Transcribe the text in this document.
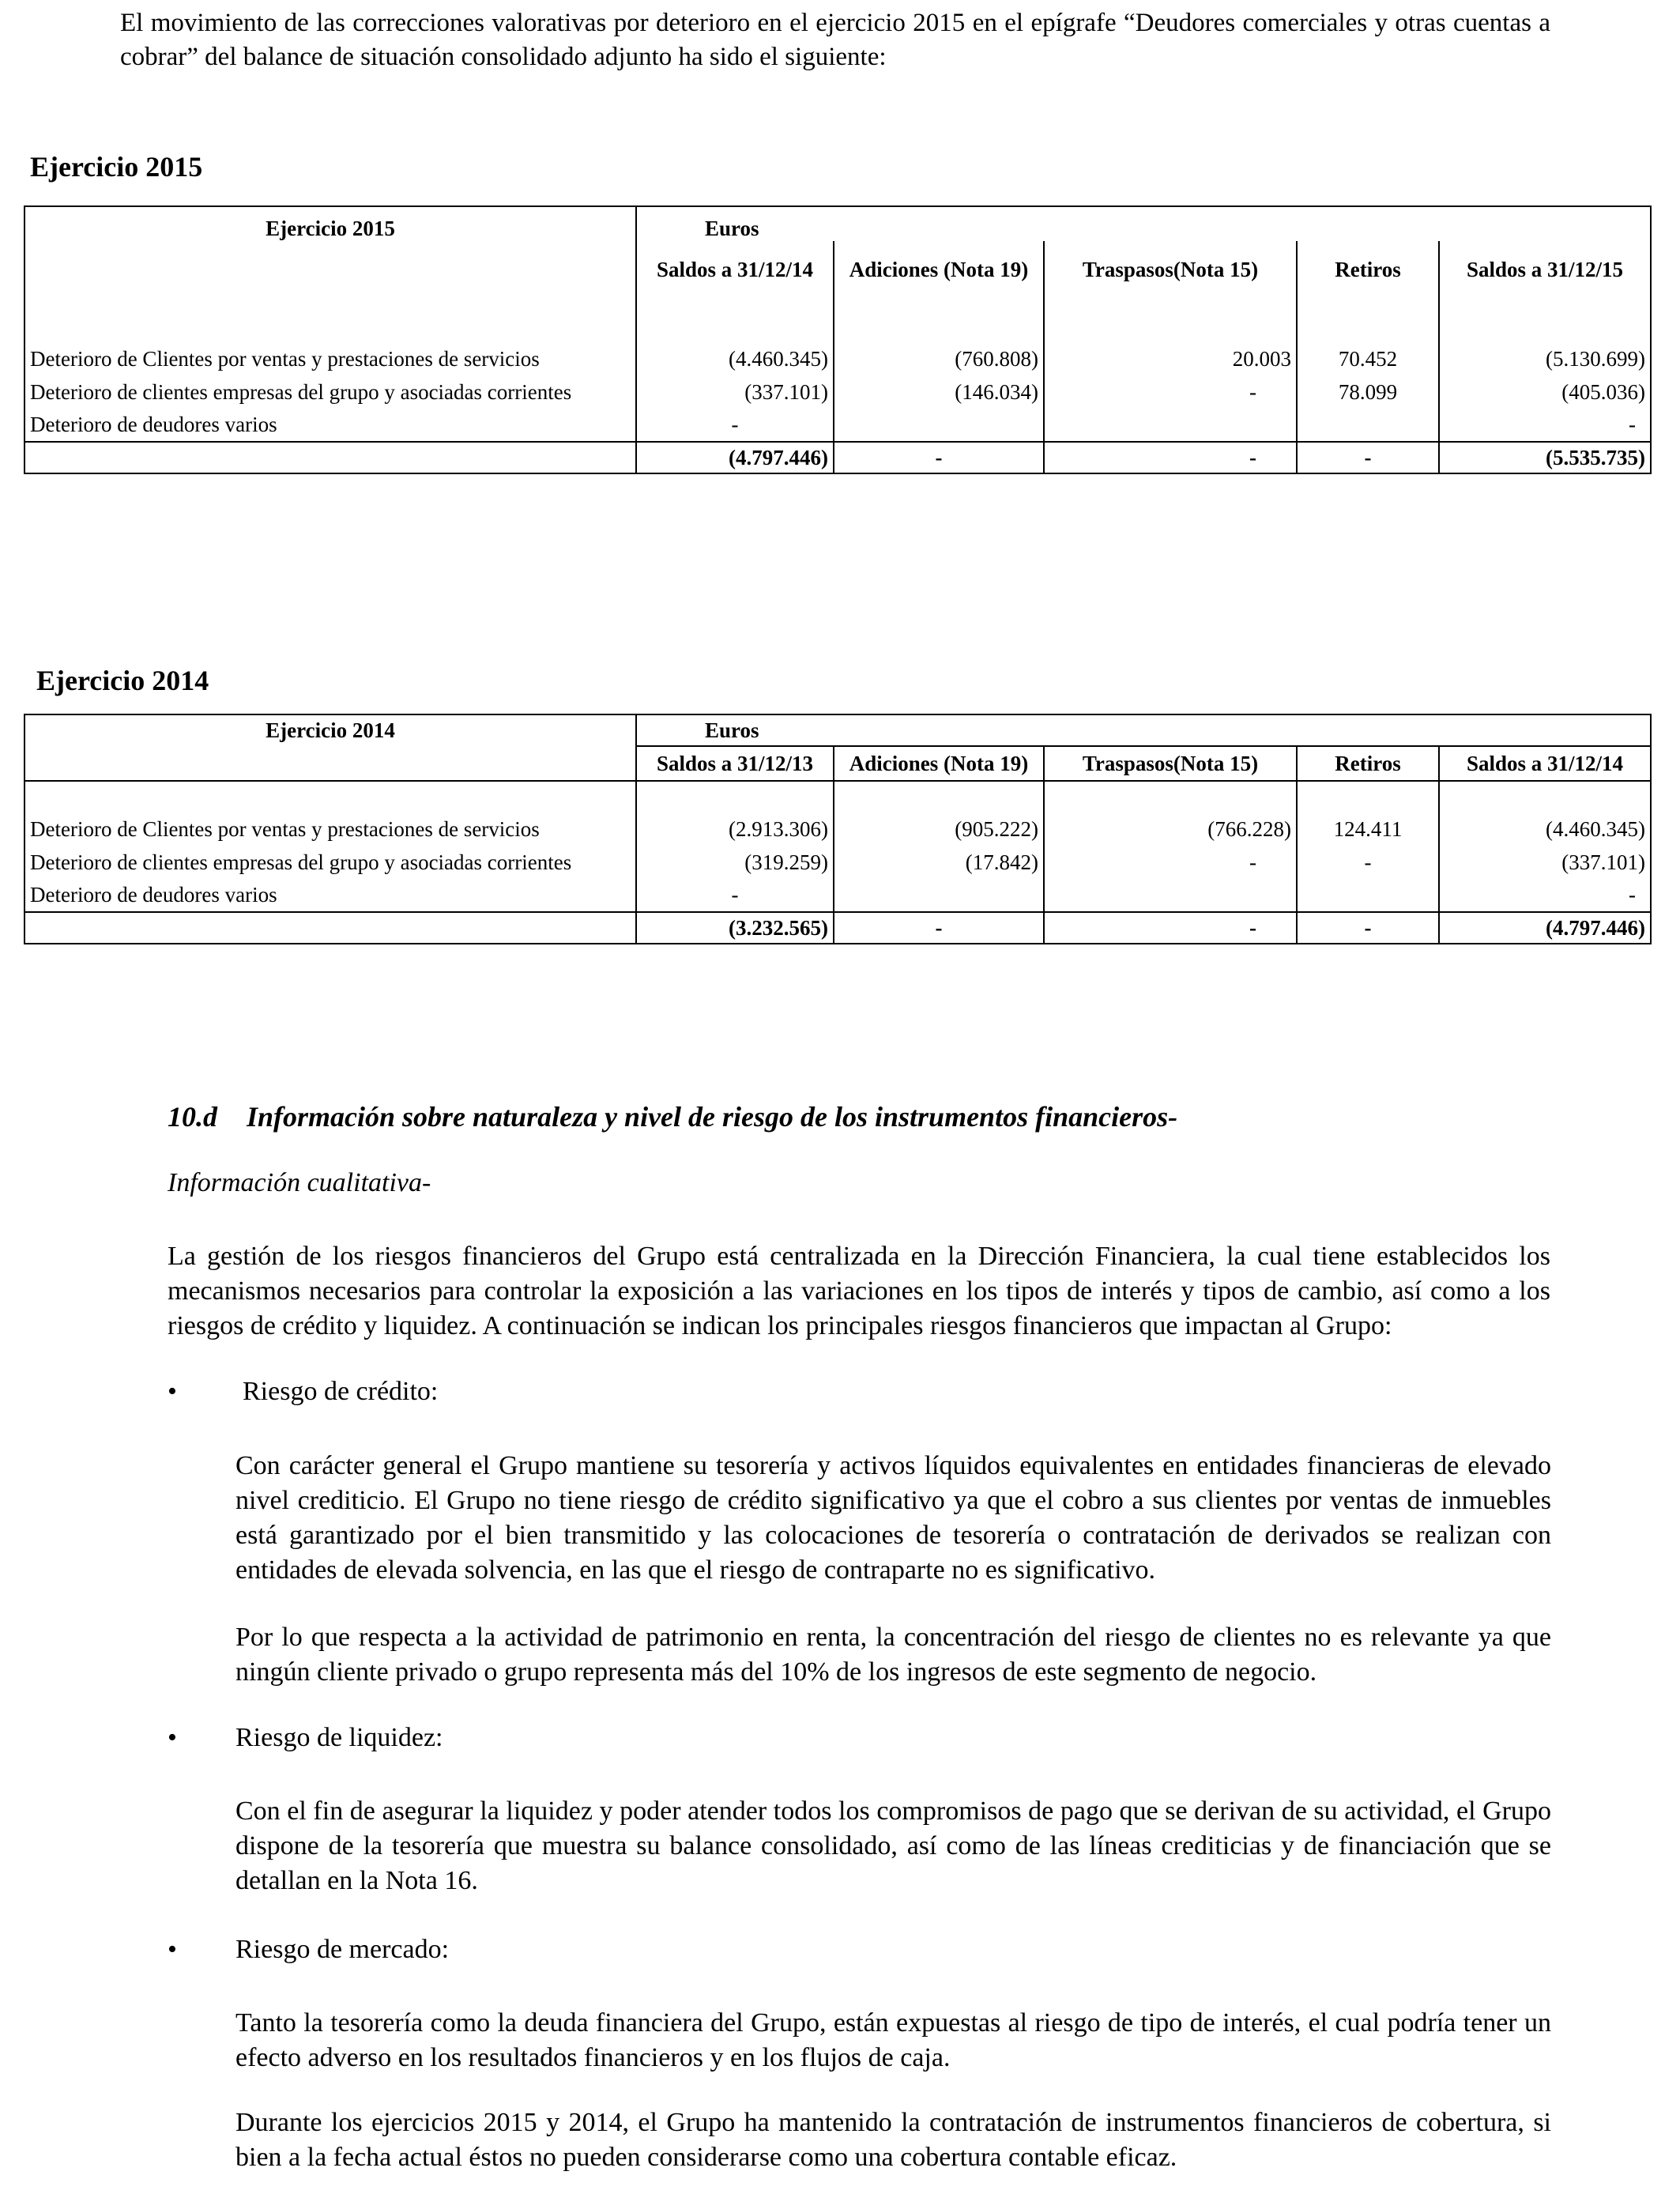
El movimiento de las correcciones valorativas por deterioro en el ejercicio 2015 en el epígrafe “Deudores comerciales y otras cuentas a cobrar” del balance de situación consolidado adjunto ha sido el siguiente:
Ejercicio 2015
Ejercicio 2015	Euros				
	Saldos a 31/12/14	Adiciones (Nota 19)	Traspasos(Nota 15)	Retiros	Saldos a 31/12/15

Deterioro de Clientes por ventas y prestaciones de servicios	(4.460.345)	(760.808)	20.003	70.452	(5.130.699)
Deterioro de clientes empresas del grupo y asociadas corrientes	(337.101)	(146.034)	-	78.099	(405.036)
Deterioro de deudores varios	-				-
	(4.797.446)	-	-	-	(5.535.735)
Ejercicio 2014
Ejercicio 2014	Euros				
	Saldos a 31/12/13	Adiciones (Nota 19)	Traspasos(Nota 15)	Retiros	Saldos a 31/12/14

Deterioro de Clientes por ventas y prestaciones de servicios	(2.913.306)	(905.222)	(766.228)	124.411	(4.460.345)
Deterioro de clientes empresas del grupo y asociadas corrientes	(319.259)	(17.842)	-	-	(337.101)
Deterioro de deudores varios	-				-
	(3.232.565)	-	-	-	(4.797.446)
10.d Información sobre naturaleza y nivel de riesgo de los instrumentos financieros-
Información cualitativa-
La gestión de los riesgos financieros del Grupo está centralizada en la Dirección Financiera, la cual tiene establecidos los mecanismos necesarios para controlar la exposición a las variaciones en los tipos de interés y tipos de cambio, así como a los riesgos de crédito y liquidez. A continuación se indican los principales riesgos financieros que impactan al Grupo:
• Riesgo de crédito:
Con carácter general el Grupo mantiene su tesorería y activos líquidos equivalentes en entidades financieras de elevado nivel crediticio. El Grupo no tiene riesgo de crédito significativo ya que el cobro a sus clientes por ventas de inmuebles está garantizado por el bien transmitido y las colocaciones de tesorería o contratación de derivados se realizan con entidades de elevada solvencia, en las que el riesgo de contraparte no es significativo.
Por lo que respecta a la actividad de patrimonio en renta, la concentración del riesgo de clientes no es relevante ya que ningún cliente privado o grupo representa más del 10% de los ingresos de este segmento de negocio.
• Riesgo de liquidez:
Con el fin de asegurar la liquidez y poder atender todos los compromisos de pago que se derivan de su actividad, el Grupo dispone de la tesorería que muestra su balance consolidado, así como de las líneas crediticias y de financiación que se detallan en la Nota 16.
• Riesgo de mercado:
Tanto la tesorería como la deuda financiera del Grupo, están expuestas al riesgo de tipo de interés, el cual podría tener un efecto adverso en los resultados financieros y en los flujos de caja.
Durante los ejercicios 2015 y 2014, el Grupo ha mantenido la contratación de instrumentos financieros de cobertura, si bien a la fecha actual éstos no pueden considerarse como una cobertura contable eficaz.
